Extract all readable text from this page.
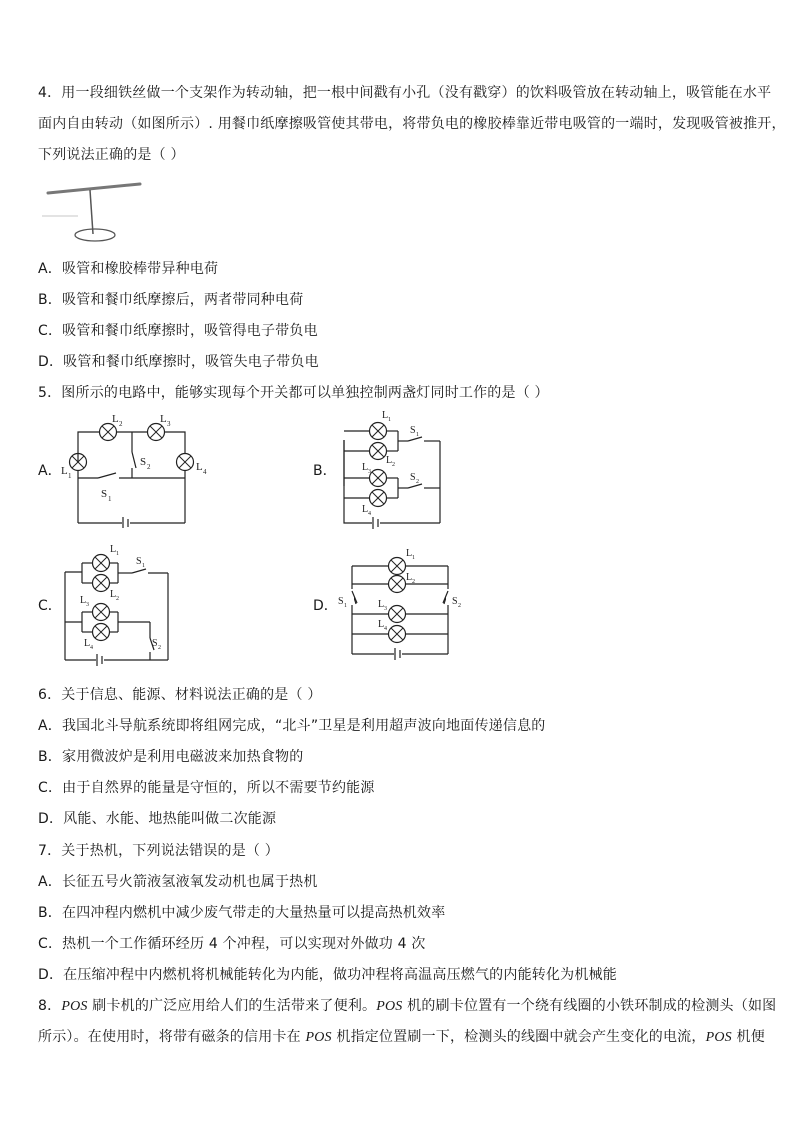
4．用一段细铁丝做一个支架作为转动轴，把一根中间戳有小孔（没有戳穿）的饮料吸管放在转动轴上，吸管能在水平
面内自由转动（如图所示）. 用餐巾纸摩擦吸管使其带电，将带负电的橡胶棒靠近带电吸管的一端时，发现吸管被推开，
下列说法正确的是（ ）
A．吸管和橡胶棒带异种电荷
B．吸管和餐巾纸摩擦后，两者带同种电荷
C．吸管和餐巾纸摩擦时，吸管得电子带负电
D．吸管和餐巾纸摩擦时，吸管失电子带负电
5．图所示的电路中，能够实现每个开关都可以单独控制两盏灯同时工作的是（ ）
A．	B．
C．	D．
L 1
L 2	L 3
L 4
S 2
S 1
L 1
L 2
L 3
L 4
S 1
S 2
L 1
L 2
L 3
L 4
S 1
S 2
L 1
L 2
L 3
L 4
S 1	S 2
6．关于信息、能源、材料说法正确的是（ ）
A．我国北斗导航系统即将组网完成，“北斗”卫星是利用超声波向地面传递信息的
B．家用微波炉是利用电磁波来加热食物的
C．由于自然界的能量是守恒的，所以不需要节约能源
D．风能、水能、地热能叫做二次能源
7．关于热机，下列说法错误的是（ ）
A．长征五号火箭液氢液氧发动机也属于热机
B．在四冲程内燃机中减少废气带走的大量热量可以提高热机效率
C．热机一个工作循环经历 4 个冲程，可以实现对外做功 4 次
D．在压缩冲程中内燃机将机械能转化为内能，做功冲程将高温高压燃气的内能转化为机械能
8．POS 刷卡机的广泛应用给人们的生活带来了便利。POS 机的刷卡位置有一个绕有线圈的小铁环制成的检测头（如图
所示）。在使用时，将带有磁条的信用卡在 POS 机指定位置刷一下，检测头的线圈中就会产生变化的电流，POS 机便
